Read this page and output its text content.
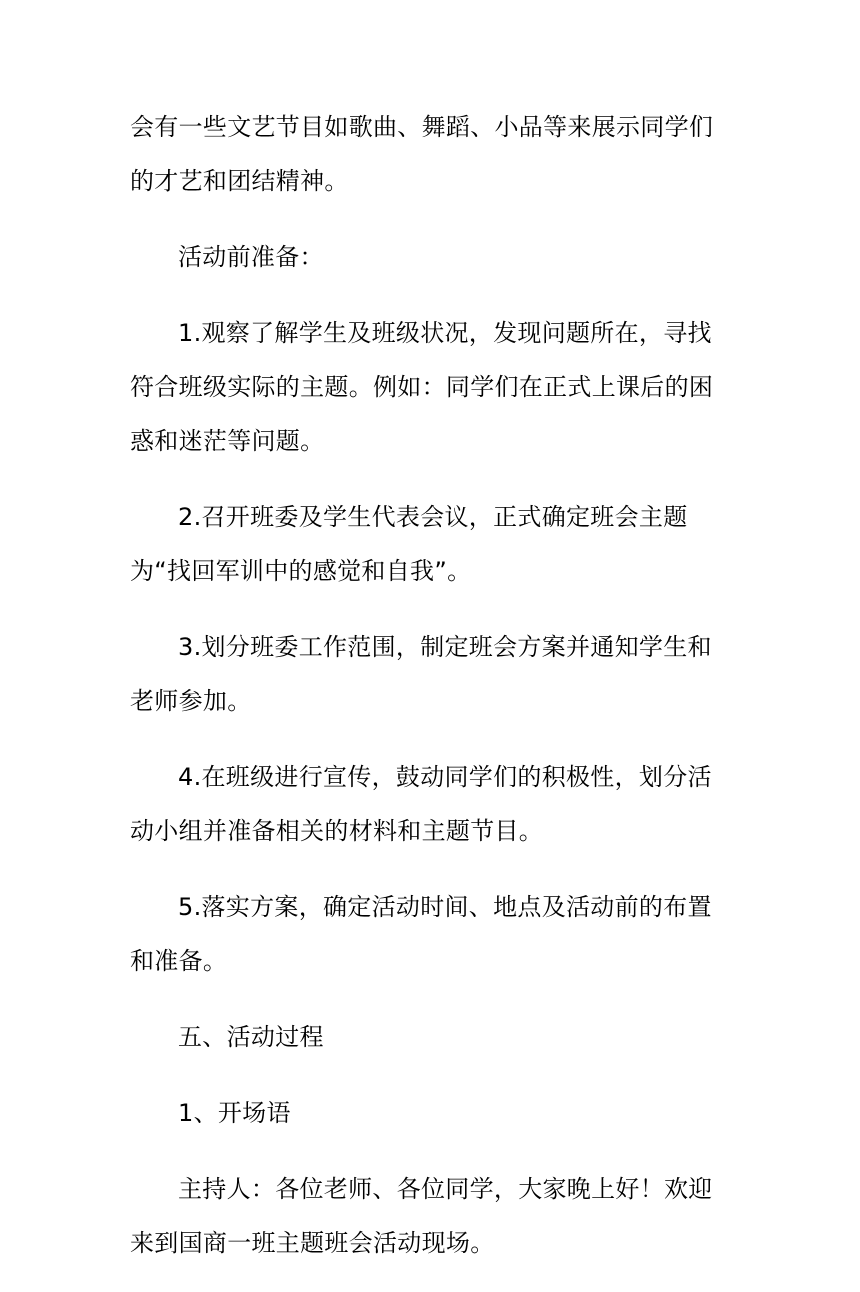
会有一些文艺节目如歌曲、舞蹈、小品等来展示同学们的才艺和团结精神。

活动前准备：

1.观察了解学生及班级状况，发现问题所在，寻找符合班级实际的主题。例如：同学们在正式上课后的困惑和迷茫等问题。

2.召开班委及学生代表会议，正式确定班会主题为“找回军训中的感觉和自我”。

3.划分班委工作范围，制定班会方案并通知学生和老师参加。

4.在班级进行宣传，鼓动同学们的积极性，划分活动小组并准备相关的材料和主题节目。

5.落实方案，确定活动时间、地点及活动前的布置和准备。

五、活动过程

1、开场语

主持人：各位老师、各位同学，大家晚上好！欢迎来到国商一班主题班会活动现场。
